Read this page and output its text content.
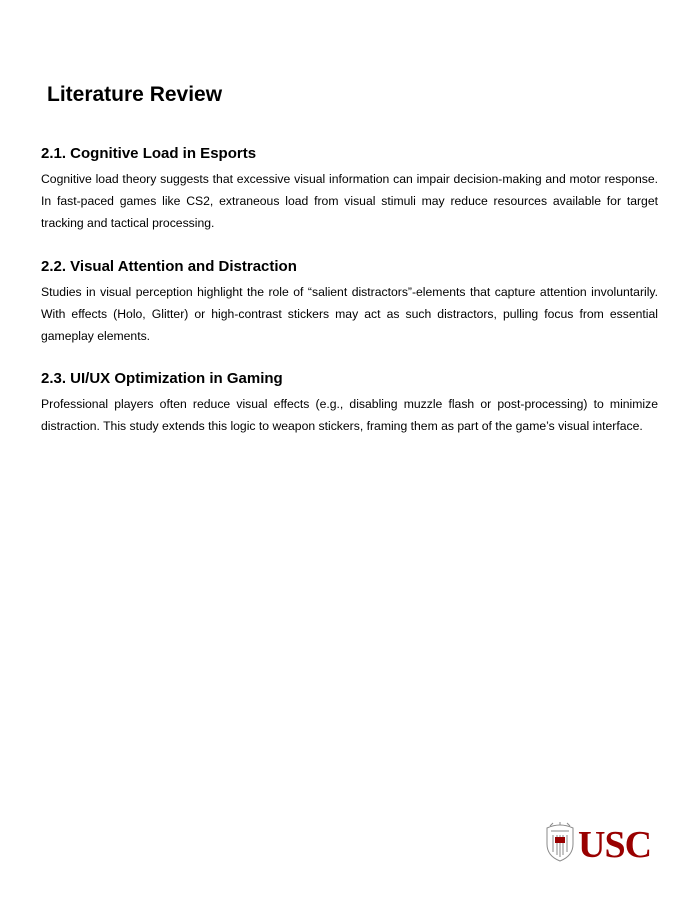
Literature Review
2.1. Cognitive Load in Esports

Cognitive load theory suggests that excessive visual information can impair decision-making and motor response. In fast-paced games like CS2, extraneous load from visual stimuli may reduce resources available for target tracking and tactical processing.

2.2. Visual Attention and Distraction

Studies in visual perception highlight the role of “salient distractors”-elements that capture attention involuntarily. With effects (Holo, Glitter) or high-contrast stickers may act as such distractors, pulling focus from essential gameplay elements.

2.3. UI/UX Optimization in Gaming

Professional players often reduce visual effects (e.g., disabling muzzle flash or post-processing) to minimize distraction. This study extends this logic to weapon stickers, framing them as part of the game’s visual interface.

USC
